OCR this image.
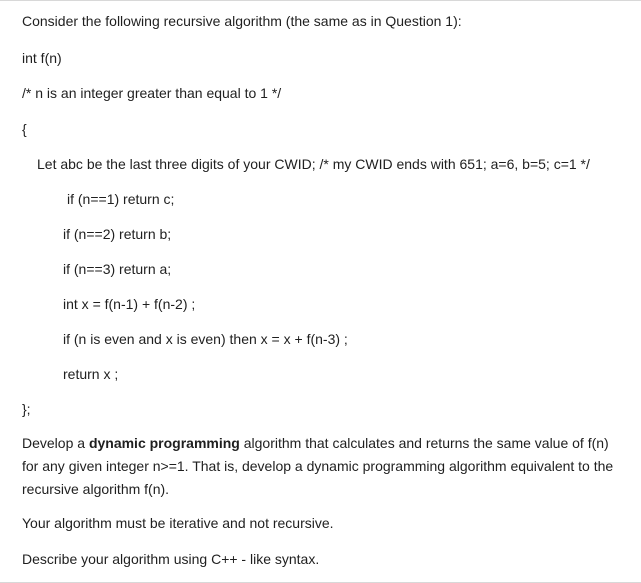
Consider the following recursive algorithm (the same as in Question 1):

int f(n)

/* n is an integer greater than equal to 1 */

{

Let abc be the last three digits of your CWID; /* my CWID ends with 651; a=6, b=5; c=1 */

if (n==1) return c;

if (n==2) return b;

if (n==3) return a;

int x = f(n-1) + f(n-2) ;

if (n is even and x is even) then x = x + f(n-3) ;

return x ;

};

Develop a dynamic programming algorithm that calculates and returns the same value of f(n) for any given integer n>=1. That is, develop a dynamic programming algorithm equivalent to the recursive algorithm f(n).

Your algorithm must be iterative and not recursive.

Describe your algorithm using C++ - like syntax.
